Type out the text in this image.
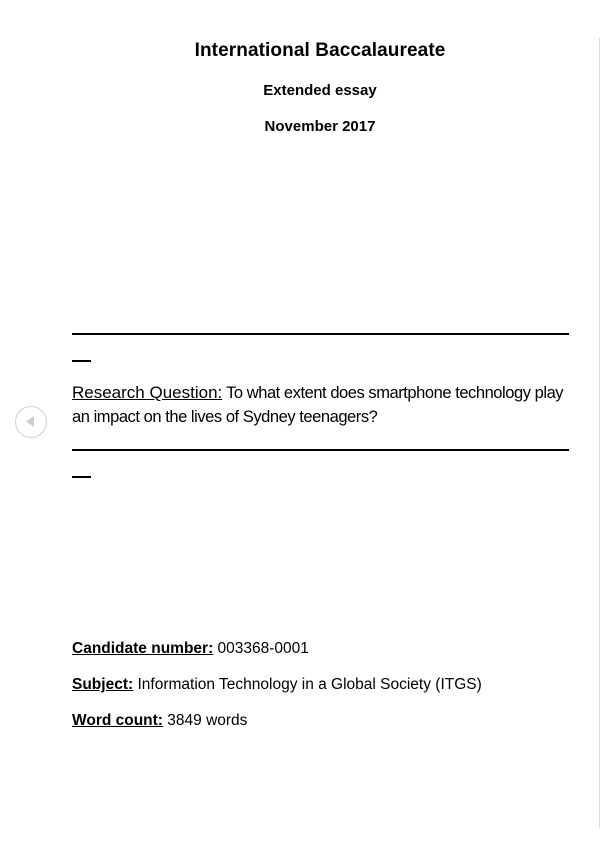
International Baccalaureate
Extended essay
November 2017
Research Question: To what extent does smartphone technology play an impact on the lives of Sydney teenagers?
Candidate number: 003368-0001
Subject: Information Technology in a Global Society (ITGS)
Word count: 3849 words
